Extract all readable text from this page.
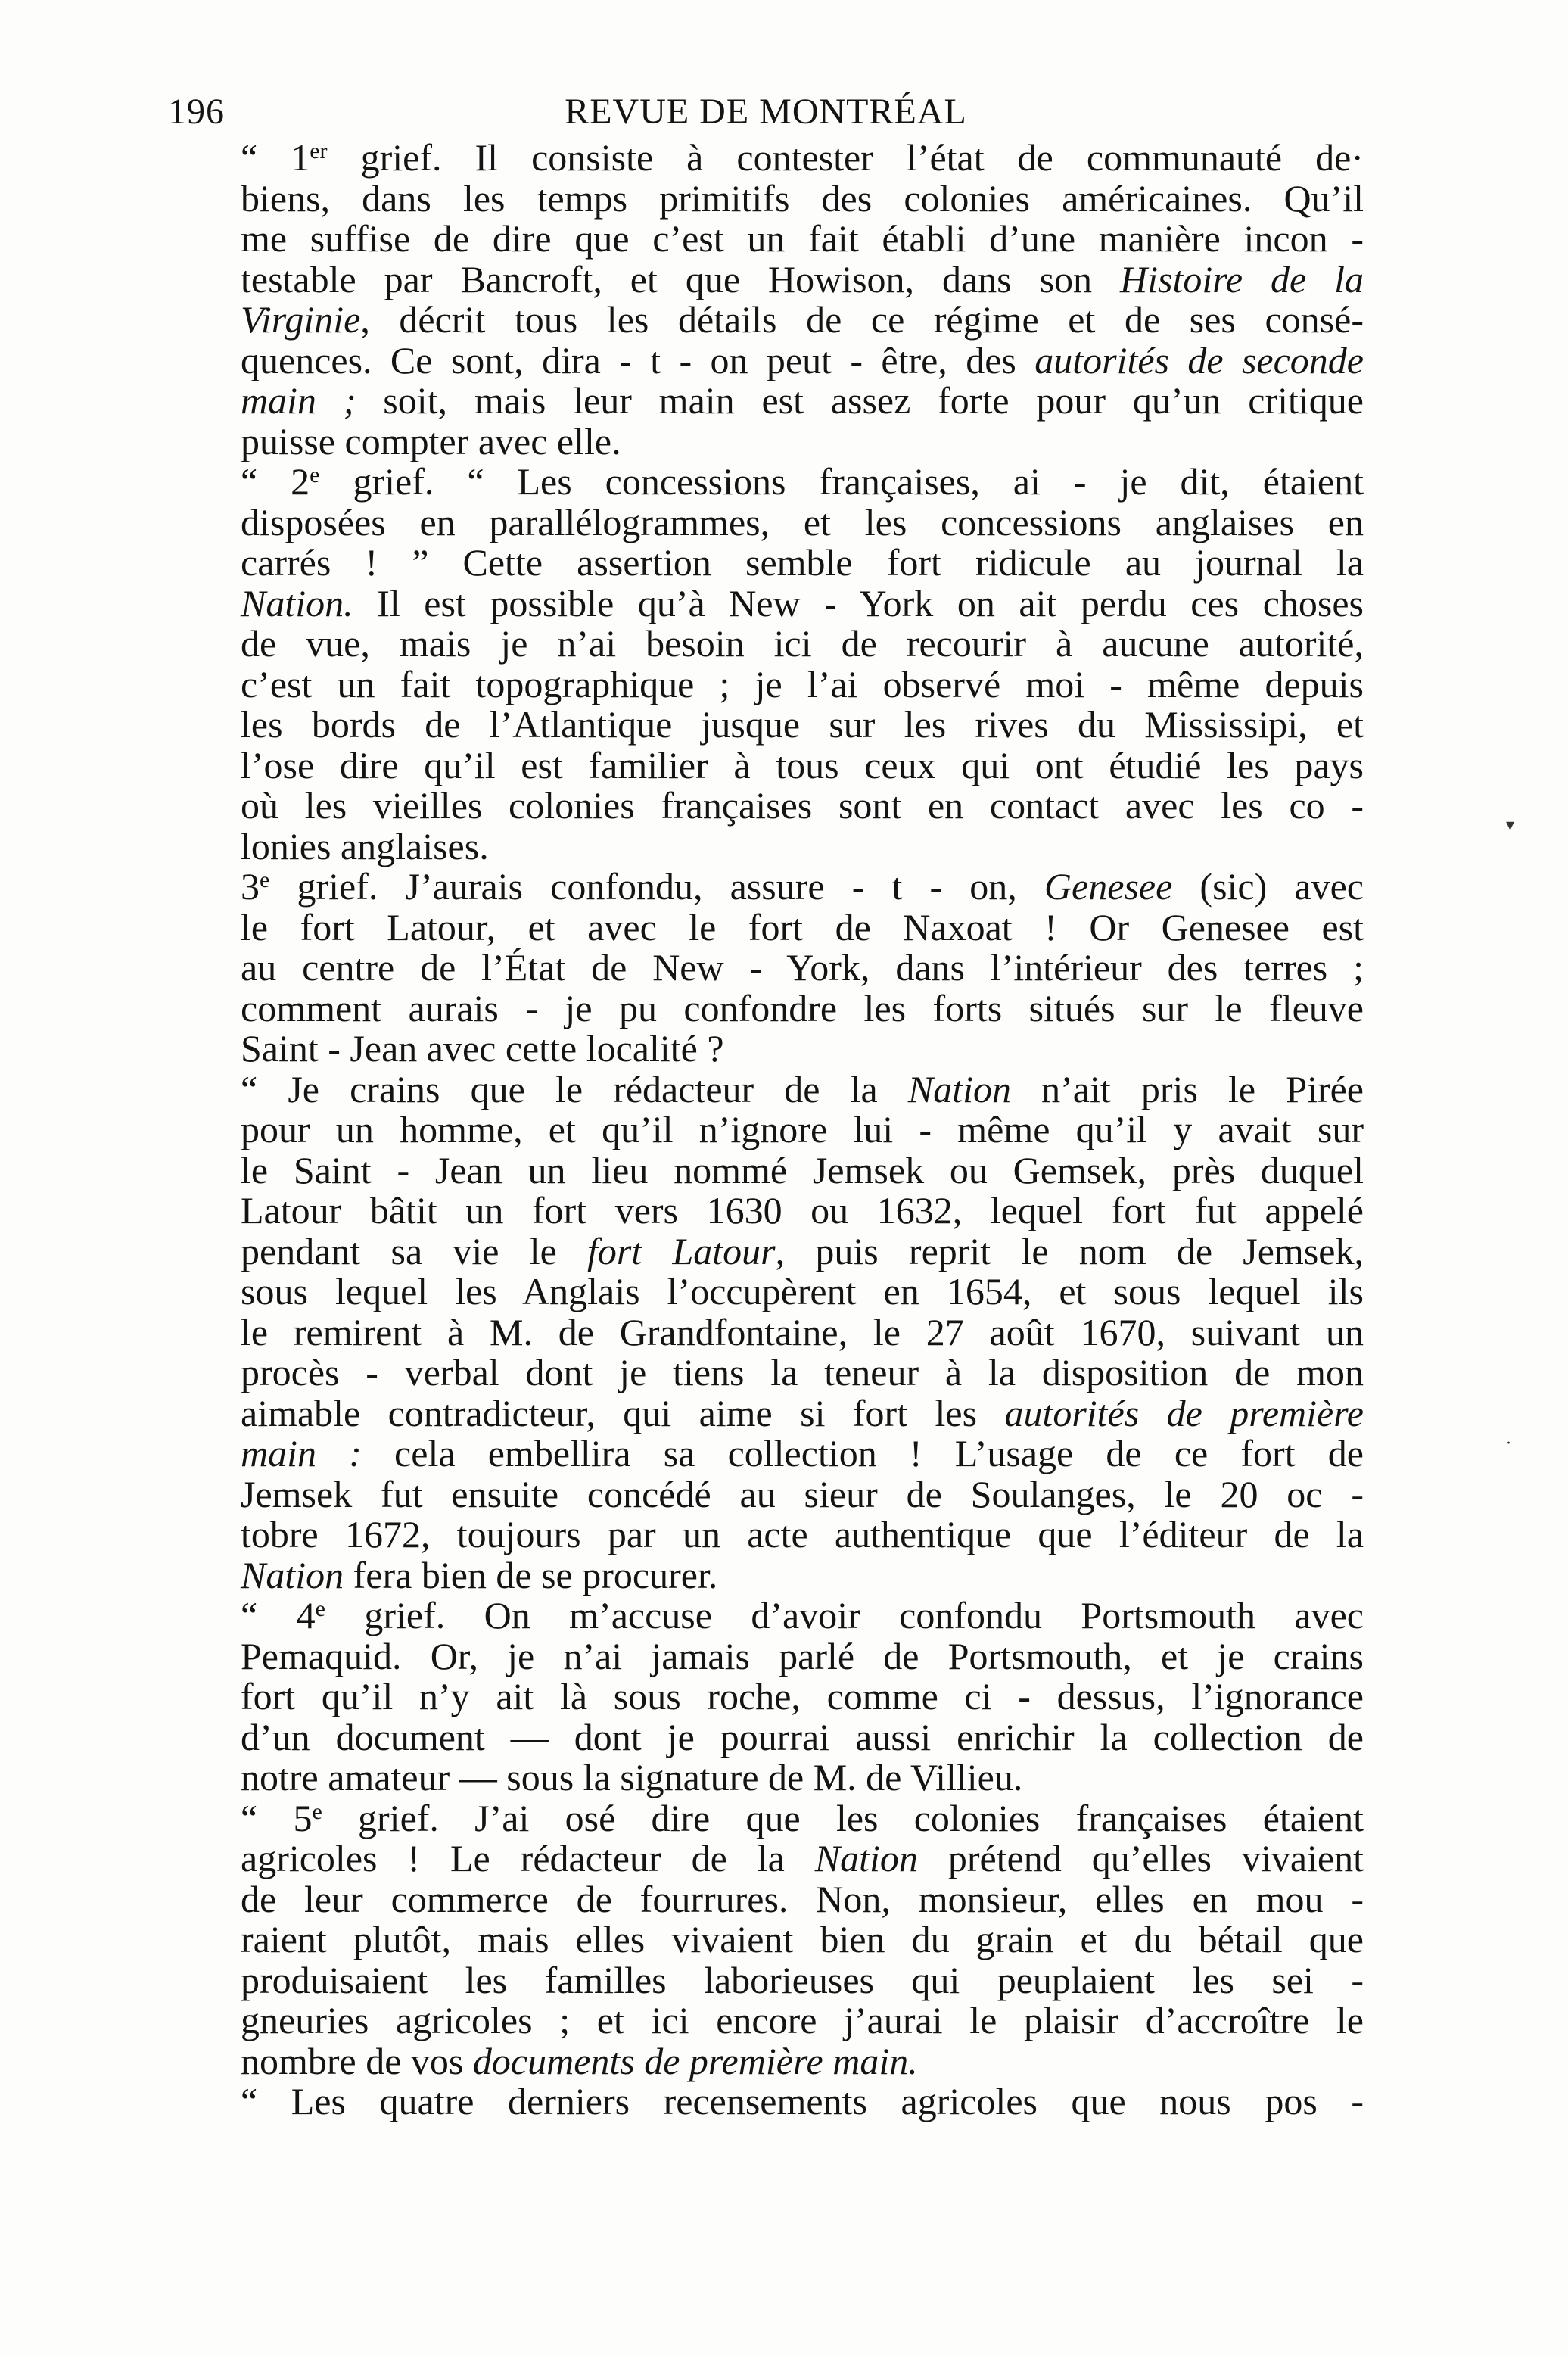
196	REVUE DE MONTRÉAL

“ 1er grief. Il consiste à contester l’état de communauté de·
biens, dans les temps primitifs des colonies américaines. Qu’il
me suffise de dire que c’est un fait établi d’une manière incon -
testable par Bancroft, et que Howison, dans son Histoire de la
Virginie, décrit tous les détails de ce régime et de ses consé-
quences. Ce sont, dira - t - on peut - être, des autorités de seconde
main ; soit, mais leur main est assez forte pour qu’un critique
puisse compter avec elle.

“ 2e grief. “ Les concessions françaises, ai - je dit, étaient
disposées en parallélogrammes, et les concessions anglaises en
carrés ! ” Cette assertion semble fort ridicule au journal la
Nation. Il est possible qu’à New - York on ait perdu ces choses
de vue, mais je n’ai besoin ici de recourir à aucune autorité,
c’est un fait topographique ; je l’ai observé moi - même depuis
les bords de l’Atlantique jusque sur les rives du Mississipi, et
l’ose dire qu’il est familier à tous ceux qui ont étudié les pays
où les vieilles colonies françaises sont en contact avec les co -
lonies anglaises.

3e grief. J’aurais confondu, assure - t - on, Genesee (sic) avec
le fort Latour, et avec le fort de Naxoat ! Or Genesee est
au centre de l’État de New - York, dans l’intérieur des terres ;
comment aurais - je pu confondre les forts situés sur le fleuve
Saint - Jean avec cette localité ?

“ Je crains que le rédacteur de la Nation n’ait pris le Pirée
pour un homme, et qu’il n’ignore lui - même qu’il y avait sur
le Saint - Jean un lieu nommé Jemsek ou Gemsek, près duquel
Latour bâtit un fort vers 1630 ou 1632, lequel fort fut appelé
pendant sa vie le fort Latour, puis reprit le nom de Jemsek,
sous lequel les Anglais l’occupèrent en 1654, et sous lequel ils
le remirent à M. de Grandfontaine, le 27 août 1670, suivant un
procès - verbal dont je tiens la teneur à la disposition de mon
aimable contradicteur, qui aime si fort les autorités de première
main : cela embellira sa collection ! L’usage de ce fort de
Jemsek fut ensuite concédé au sieur de Soulanges, le 20 oc -
tobre 1672, toujours par un acte authentique que l’éditeur de la
Nation fera bien de se procurer.

“ 4e grief. On m’accuse d’avoir confondu Portsmouth avec
Pemaquid. Or, je n’ai jamais parlé de Portsmouth, et je crains
fort qu’il n’y ait là sous roche, comme ci - dessus, l’ignorance
d’un document — dont je pourrai aussi enrichir la collection de
notre amateur — sous la signature de M. de Villieu.

“ 5e grief. J’ai osé dire que les colonies françaises étaient
agricoles ! Le rédacteur de la Nation prétend qu’elles vivaient
de leur commerce de fourrures. Non, monsieur, elles en mou -
raient plutôt, mais elles vivaient bien du grain et du bétail que
produisaient les familles laborieuses qui peuplaient les sei -
gneuries agricoles ; et ici encore j’aurai le plaisir d’accroître le
nombre de vos documents de première main.

“ Les quatre derniers recensements agricoles que nous pos -

▾
·
